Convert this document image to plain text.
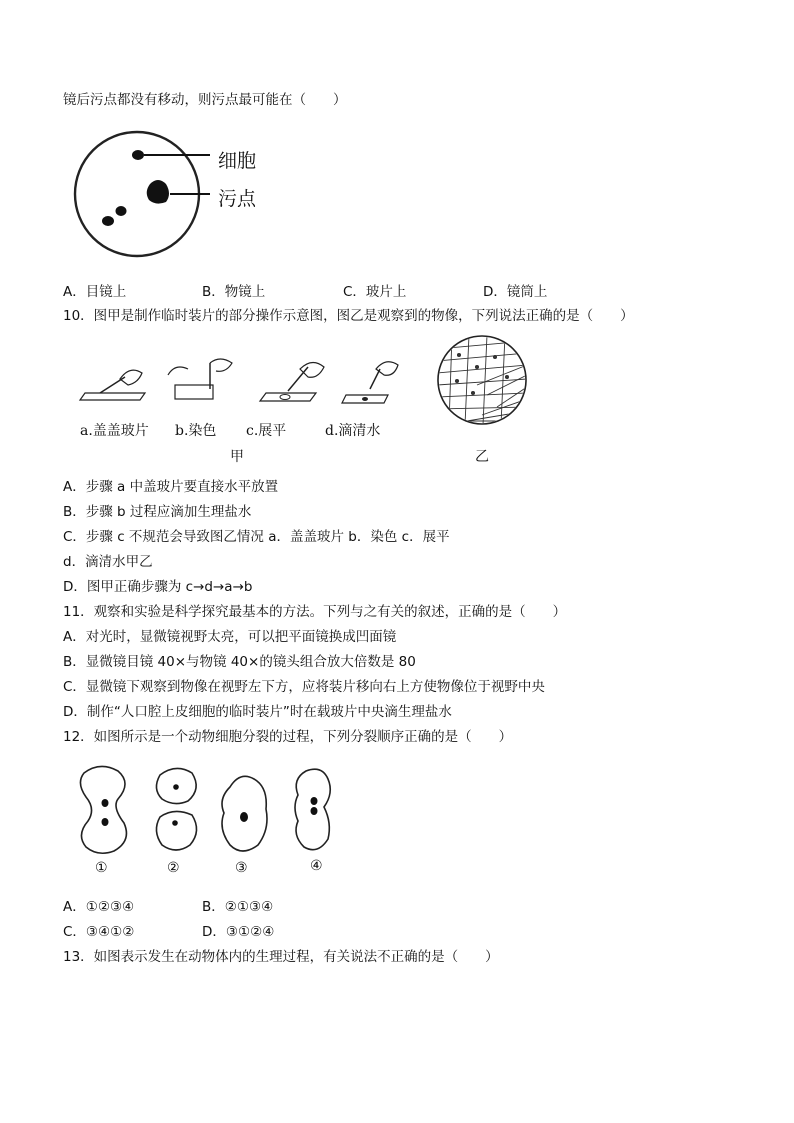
镜后污点都没有移动，则污点最可能在（　　）
细胞
污点
A．目镜上	B．物镜上	C．玻片上	D．镜筒上
10．图甲是制作临时装片的部分操作示意图，图乙是观察到的物像，下列说法正确的是（　　）
a.盖盖玻片 b.染色 c.展平	d.滴清水
甲	乙
A．步骤 a 中盖玻片要直接水平放置
B．步骤 b 过程应滴加生理盐水
C．步骤 c 不规范会导致图乙情况 a．盖盖玻片 b．染色 c．展平
d．滴清水甲乙
D．图甲正确步骤为 c→d→a→b
11．观察和实验是科学探究最基本的方法。下列与之有关的叙述，正确的是（　　）
A．对光时，显微镜视野太亮，可以把平面镜换成凹面镜
B．显微镜目镜 40×与物镜 40×的镜头组合放大倍数是 80
C．显微镜下观察到物像在视野左下方，应将装片移向右上方使物像位于视野中央
D．制作“人口腔上皮细胞的临时装片”时在载玻片中央滴生理盐水
12．如图所示是一个动物细胞分裂的过程，下列分裂顺序正确的是（　　）
①	②	③	④
A．①②③④	B．②①③④
C．③④①②	D．③①②④
13．如图表示发生在动物体内的生理过程，有关说法不正确的是（　　）
